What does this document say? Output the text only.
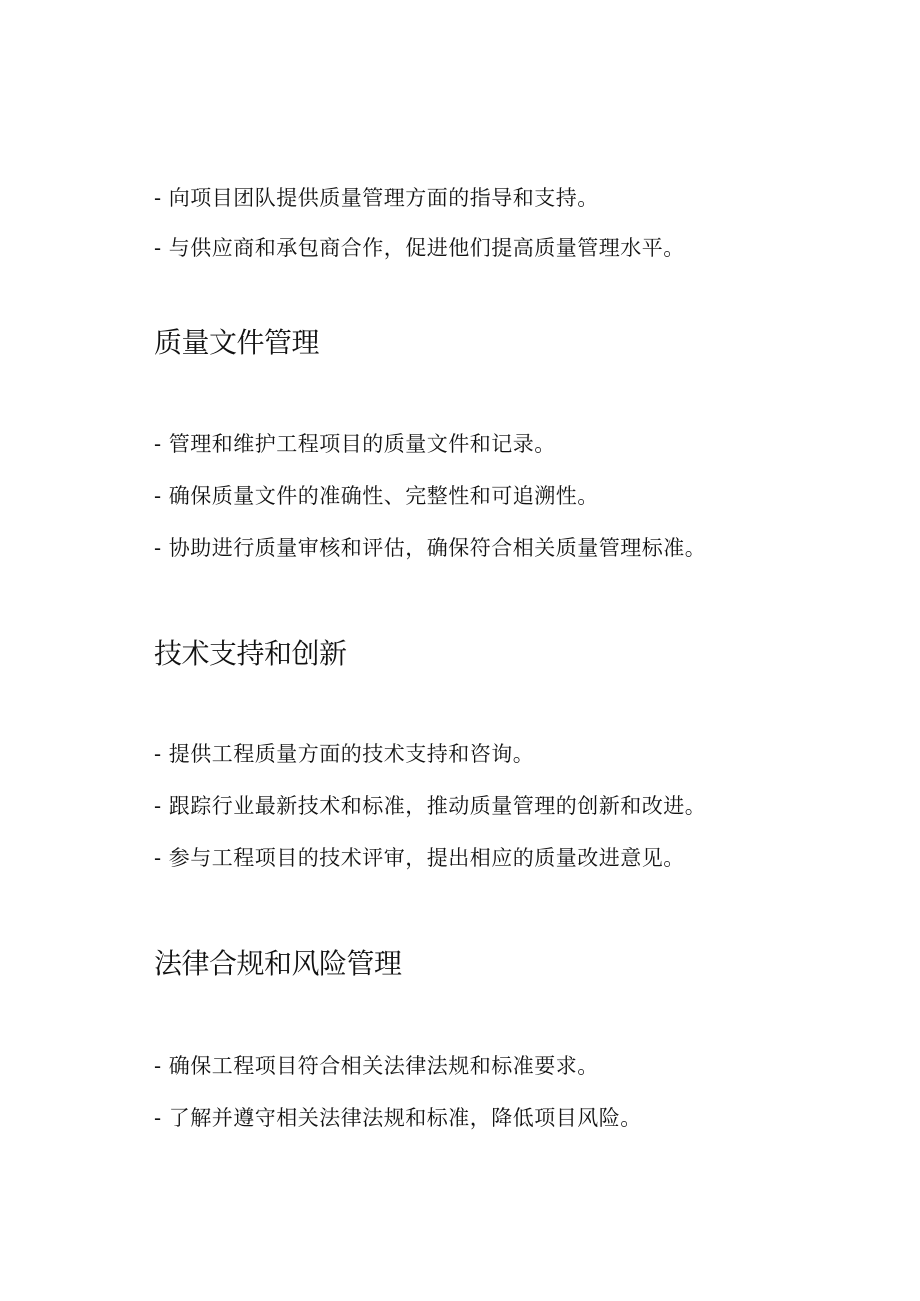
- 向项目团队提供质量管理方面的指导和支持。
- 与供应商和承包商合作，促进他们提高质量管理水平。
质量文件管理
- 管理和维护工程项目的质量文件和记录。
- 确保质量文件的准确性、完整性和可追溯性。
- 协助进行质量审核和评估，确保符合相关质量管理标准。
技术支持和创新
- 提供工程质量方面的技术支持和咨询。
- 跟踪行业最新技术和标准，推动质量管理的创新和改进。
- 参与工程项目的技术评审，提出相应的质量改进意见。
法律合规和风险管理
- 确保工程项目符合相关法律法规和标准要求。
- 了解并遵守相关法律法规和标准，降低项目风险。
